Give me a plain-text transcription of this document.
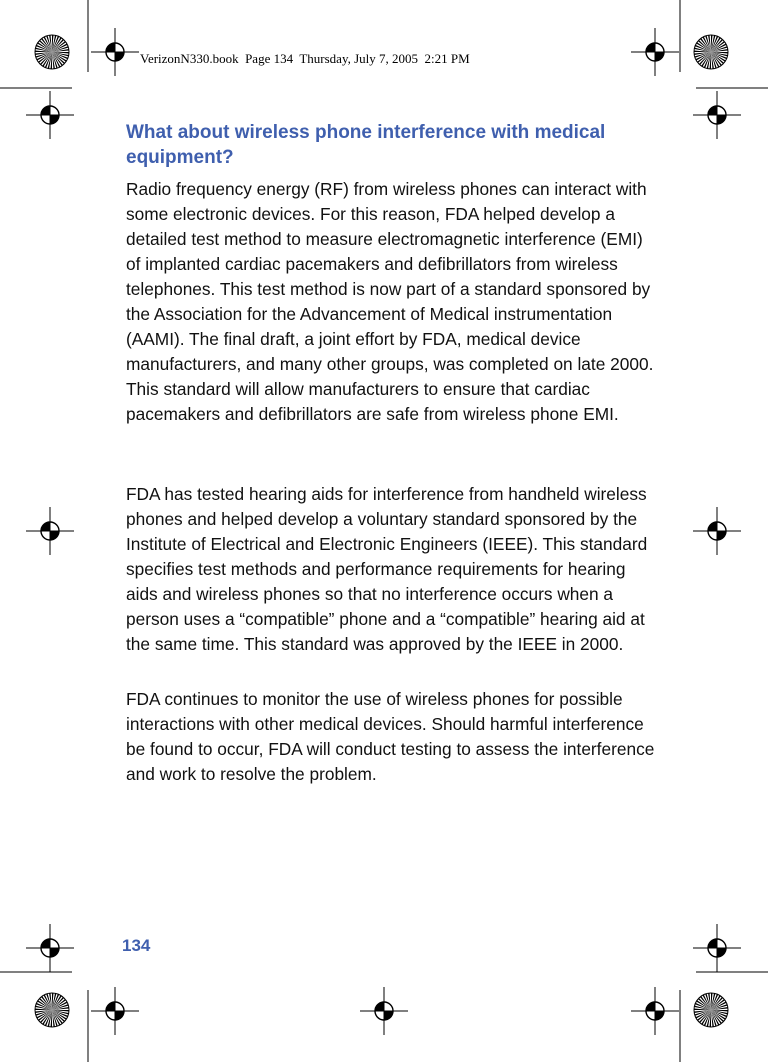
VerizonN330.book  Page 134  Thursday, July 7, 2005  2:21 PM
What about wireless phone interference with medical equipment?

Radio frequency energy (RF) from wireless phones can interact with some electronic devices. For this reason, FDA helped develop a detailed test method to measure electromagnetic interference (EMI) of implanted cardiac pacemakers and defibrillators from wireless telephones. This test method is now part of a standard sponsored by the Association for the Advancement of Medical instrumentation (AAMI). The final draft, a joint effort by FDA, medical device manufacturers, and many other groups, was completed on late 2000. This standard will allow manufacturers to ensure that cardiac pacemakers and defibrillators are safe from wireless phone EMI.

FDA has tested hearing aids for interference from handheld wireless phones and helped develop a voluntary standard sponsored by the Institute of Electrical and Electronic Engineers (IEEE). This standard specifies test methods and performance requirements for hearing aids and wireless phones so that no interference occurs when a person uses a “compatible” phone and a “compatible” hearing aid at the same time. This standard was approved by the IEEE in 2000.

FDA continues to monitor the use of wireless phones for possible interactions with other medical devices. Should harmful interference be found to occur, FDA will conduct testing to assess the interference and work to resolve the problem.

134
